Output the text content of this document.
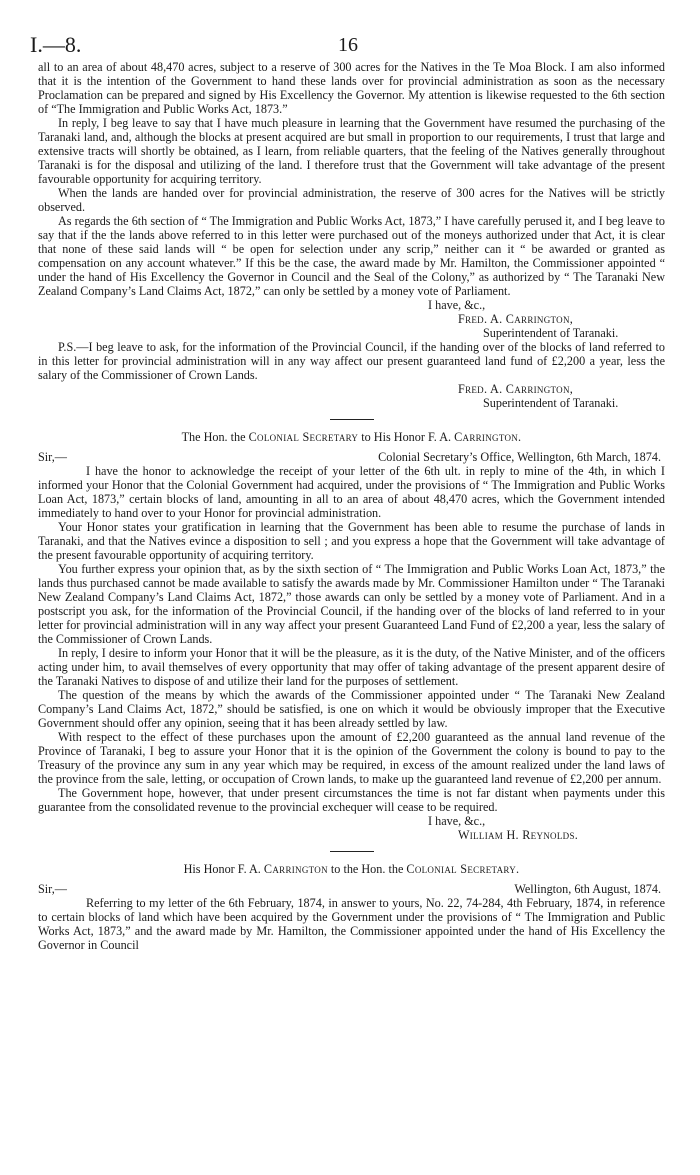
I.—8.	16

all to an area of about 48,470 acres, subject to a reserve of 300 acres for the Natives in the Te Moa Block. I am also informed that it is the intention of the Government to hand these lands over for provincial administration as soon as the necessary Proclamation can be prepared and signed by His Excellency the Governor. My attention is likewise requested to the 6th section of “The Immigration and Public Works Act, 1873.”

In reply, I beg leave to say that I have much pleasure in learning that the Government have resumed the purchasing of the Taranaki land, and, although the blocks at present acquired are but small in proportion to our requirements, I trust that large and extensive tracts will shortly be obtained, as I learn, from reliable quarters, that the feeling of the Natives generally throughout Taranaki is for the disposal and utilizing of the land. I therefore trust that the Government will take advantage of the present favourable opportunity for acquiring territory.

When the lands are handed over for provincial administration, the reserve of 300 acres for the Natives will be strictly observed.

As regards the 6th section of “ The Immigration and Public Works Act, 1873,” I have carefully perused it, and I beg leave to say that if the the lands above referred to in this letter were purchased out of the moneys authorized under that Act, it is clear that none of these said lands will “ be open for selection under any scrip,” neither can it “ be awarded or granted as compensation on any account whatever.” If this be the case, the award made by Mr. Hamilton, the Commissioner appointed “ under the hand of His Excellency the Governor in Council and the Seal of the Colony,” as authorized by “ The Taranaki New Zealand Company’s Land Claims Act, 1872,” can only be settled by a money vote of Parliament.

I have, &c.,
Fred. A. Carrington,
Superintendent of Taranaki.

P.S.—I beg leave to ask, for the information of the Provincial Council, if the handing over of the blocks of land referred to in this letter for provincial administration will in any way affect our present guaranteed land fund of £2,200 a year, less the salary of the Commissioner of Crown Lands.

Fred. A. Carrington,
Superintendent of Taranaki.
The Hon. the Colonial Secretary to His Honor F. A. Carrington.
Sir,—	Colonial Secretary’s Office, Wellington, 6th March, 1874.

I have the honor to acknowledge the receipt of your letter of the 6th ult. in reply to mine of the 4th, in which I informed your Honor that the Colonial Government had acquired, under the provisions of “ The Immigration and Public Works Loan Act, 1873,” certain blocks of land, amounting in all to an area of about 48,470 acres, which the Government intended immediately to hand over to your Honor for provincial administration.

Your Honor states your gratification in learning that the Government has been able to resume the purchase of lands in Taranaki, and that the Natives evince a disposition to sell ; and you express a hope that the Government will take advantage of the present favourable opportunity of acquiring territory.

You further express your opinion that, as by the sixth section of “ The Immigration and Public Works Loan Act, 1873,” the lands thus purchased cannot be made available to satisfy the awards made by Mr. Commissioner Hamilton under “ The Taranaki New Zealand Company’s Land Claims Act, 1872,” those awards can only be settled by a money vote of Parliament. And in a postscript you ask, for the information of the Provincial Council, if the handing over of the blocks of land referred to in your letter for provincial administration will in any way affect your present Guaranteed Land Fund of £2,200 a year, less the salary of the Commissioner of Crown Lands.

In reply, I desire to inform your Honor that it will be the pleasure, as it is the duty, of the Native Minister, and of the officers acting under him, to avail themselves of every opportunity that may offer of taking advantage of the present apparent desire of the Taranaki Natives to dispose of and utilize their land for the purposes of settlement.

The question of the means by which the awards of the Commissioner appointed under “ The Taranaki New Zealand Company’s Land Claims Act, 1872,” should be satisfied, is one on which it would be obviously improper that the Executive Government should offer any opinion, seeing that it has been already settled by law.

With respect to the effect of these purchases upon the amount of £2,200 guaranteed as the annual land revenue of the Province of Taranaki, I beg to assure your Honor that it is the opinion of the Government the colony is bound to pay to the Treasury of the province any sum in any year which may be required, in excess of the amount realized under the land laws of the province from the sale, letting, or occupation of Crown lands, to make up the guaranteed land revenue of £2,200 per annum.

The Government hope, however, that under present circumstances the time is not far distant when payments under this guarantee from the consolidated revenue to the provincial exchequer will cease to be required.

I have, &c.,
William H. Reynolds.
His Honor F. A. Carrington to the Hon. the Colonial Secretary.
Sir,—	Wellington, 6th August, 1874.

Referring to my letter of the 6th February, 1874, in answer to yours, No. 22, 74-284, 4th February, 1874, in reference to certain blocks of land which have been acquired by the Government under the provisions of “ The Immigration and Public Works Act, 1873,” and the award made by Mr. Hamilton, the Commissioner appointed under the hand of His Excellency the Governor in Council
